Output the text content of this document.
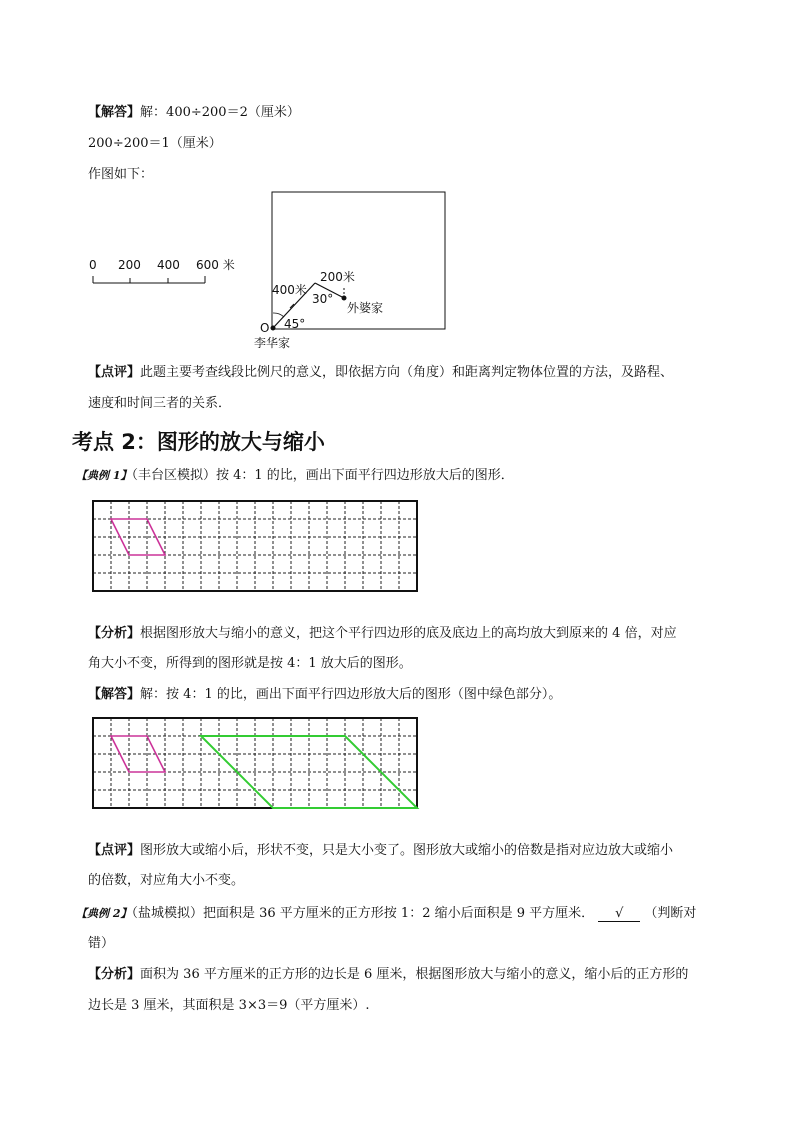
【解答】解：400÷200＝2（厘米）
200÷200＝1（厘米）
作图如下：
0 200 400 600 米
400米
200米
30°
45°
O
李华家
外婆家
【点评】此题主要考查线段比例尺的意义，即依据方向（角度）和距离判定物体位置的方法，及路程、
速度和时间三者的关系．
考点 2：图形的放大与缩小
【典例 1】（丰台区模拟）按 4：1 的比，画出下面平行四边形放大后的图形．
【分析】根据图形放大与缩小的意义，把这个平行四边形的底及底边上的高均放大到原来的 4 倍，对应
角大小不变，所得到的图形就是按 4：1 放大后的图形。
【解答】解：按 4：1 的比，画出下面平行四边形放大后的图形（图中绿色部分）。
【点评】图形放大或缩小后，形状不变，只是大小变了。图形放大或缩小的倍数是指对应边放大或缩小
的倍数，对应角大小不变。
【典例 2】（盐城模拟）把面积是 36 平方厘米的正方形按 1：2 缩小后面积是 9 平方厘米． √ （判断对
错）
【分析】面积为 36 平方厘米的正方形的边长是 6 厘米，根据图形放大与缩小的意义，缩小后的正方形的
边长是 3 厘米，其面积是 3×3＝9（平方厘米）.
